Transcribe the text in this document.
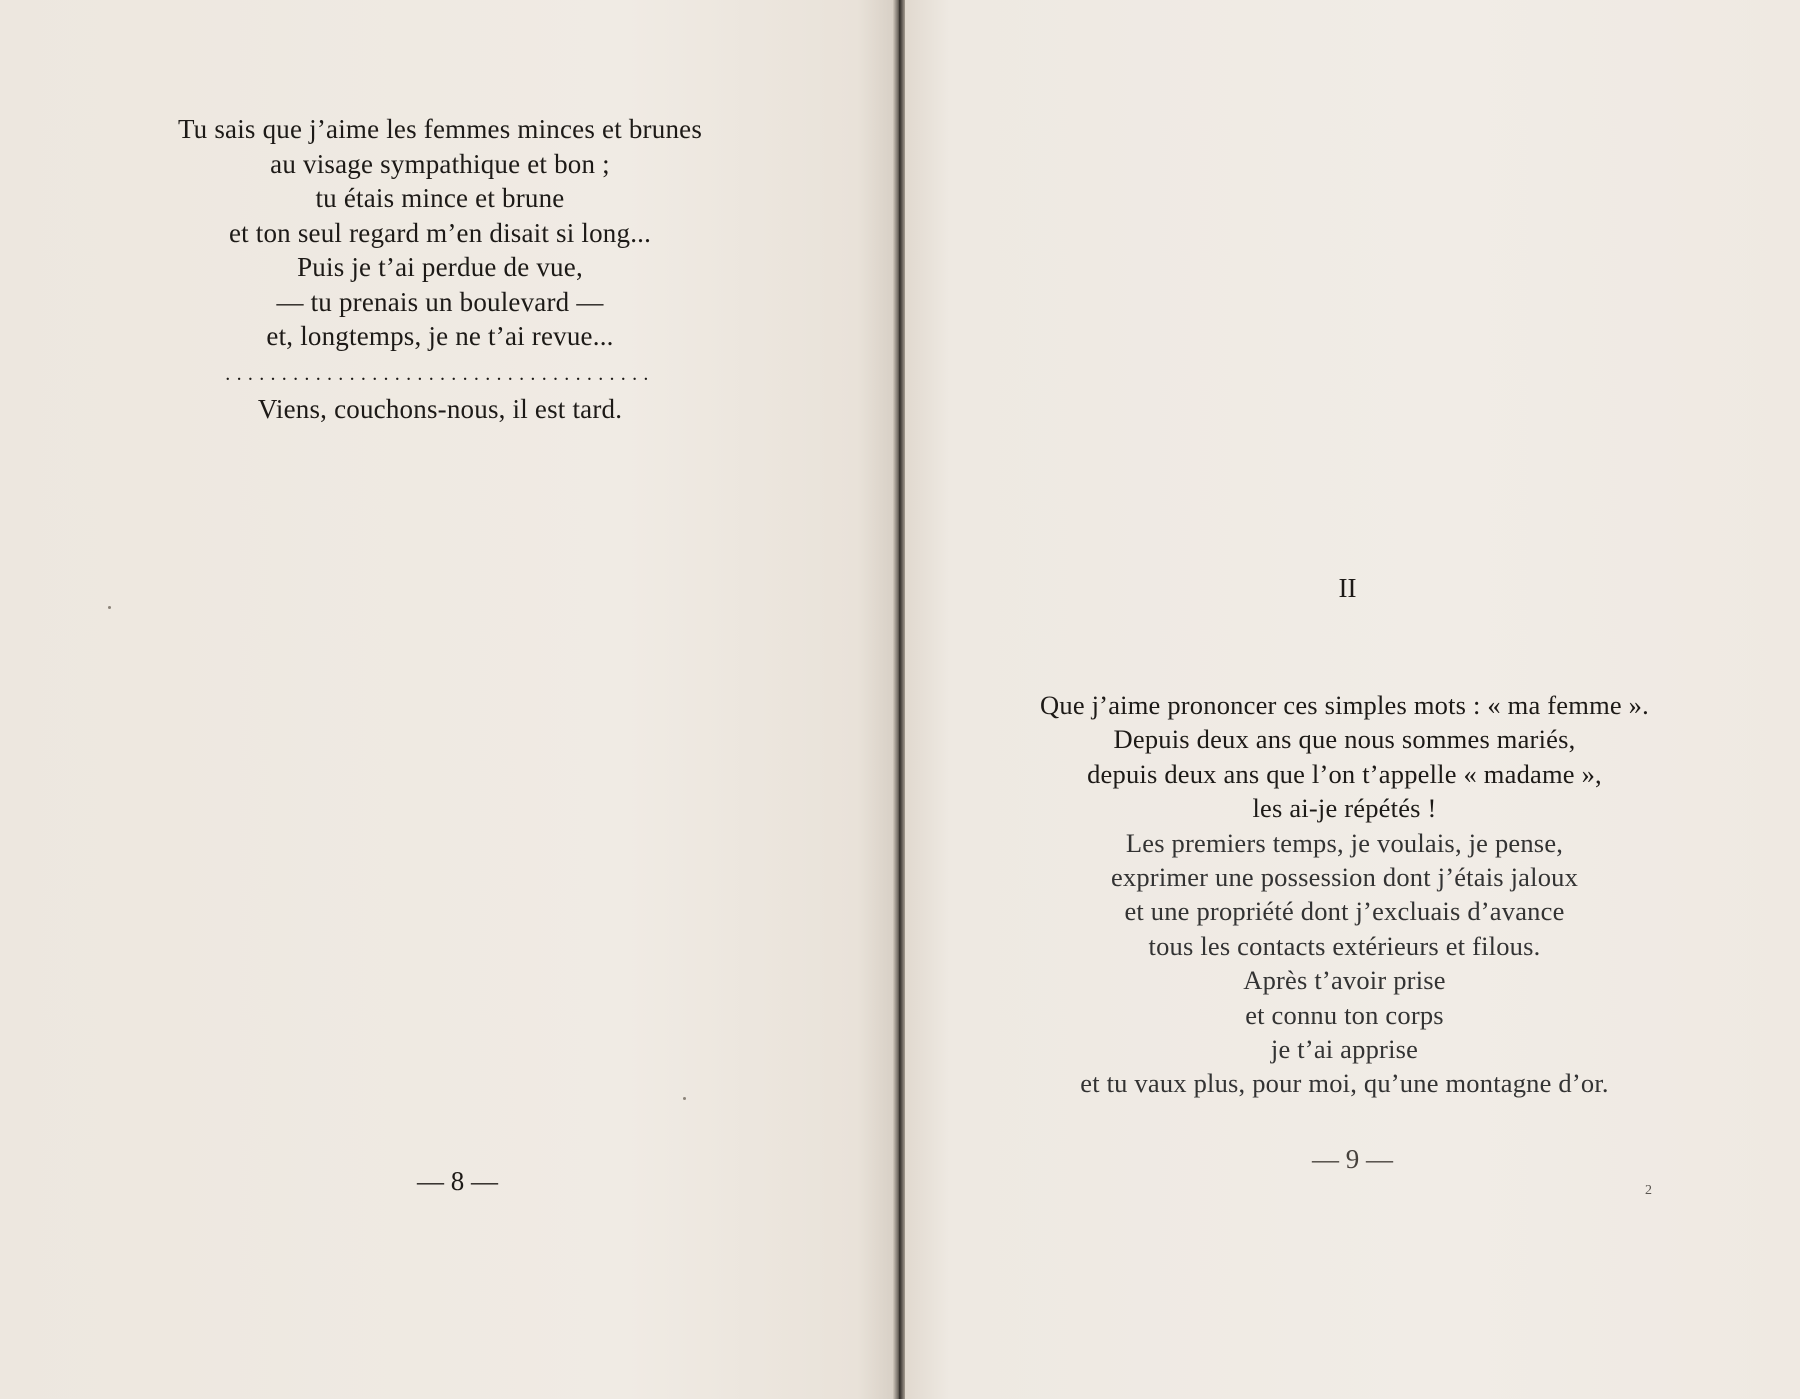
Tu sais que j’aime les femmes minces et brunes
au visage sympathique et bon ;
tu étais mince et brune
et ton seul regard m’en disait si long...
Puis je t’ai perdue de vue,
— tu prenais un boulevard —
et, longtemps, je ne t’ai revue...
......................................
Viens, couchons-nous, il est tard.
— 8 —
II
Que j’aime prononcer ces simples mots : « ma femme ».
Depuis deux ans que nous sommes mariés,
depuis deux ans que l’on t’appelle « madame »,
les ai-je répétés !
Les premiers temps, je voulais, je pense,
exprimer une possession dont j’étais jaloux
et une propriété dont j’excluais d’avance
tous les contacts extérieurs et filous.
Après t’avoir prise
et connu ton corps
je t’ai apprise
et tu vaux plus, pour moi, qu’une montagne d’or.
— 9 —
2
